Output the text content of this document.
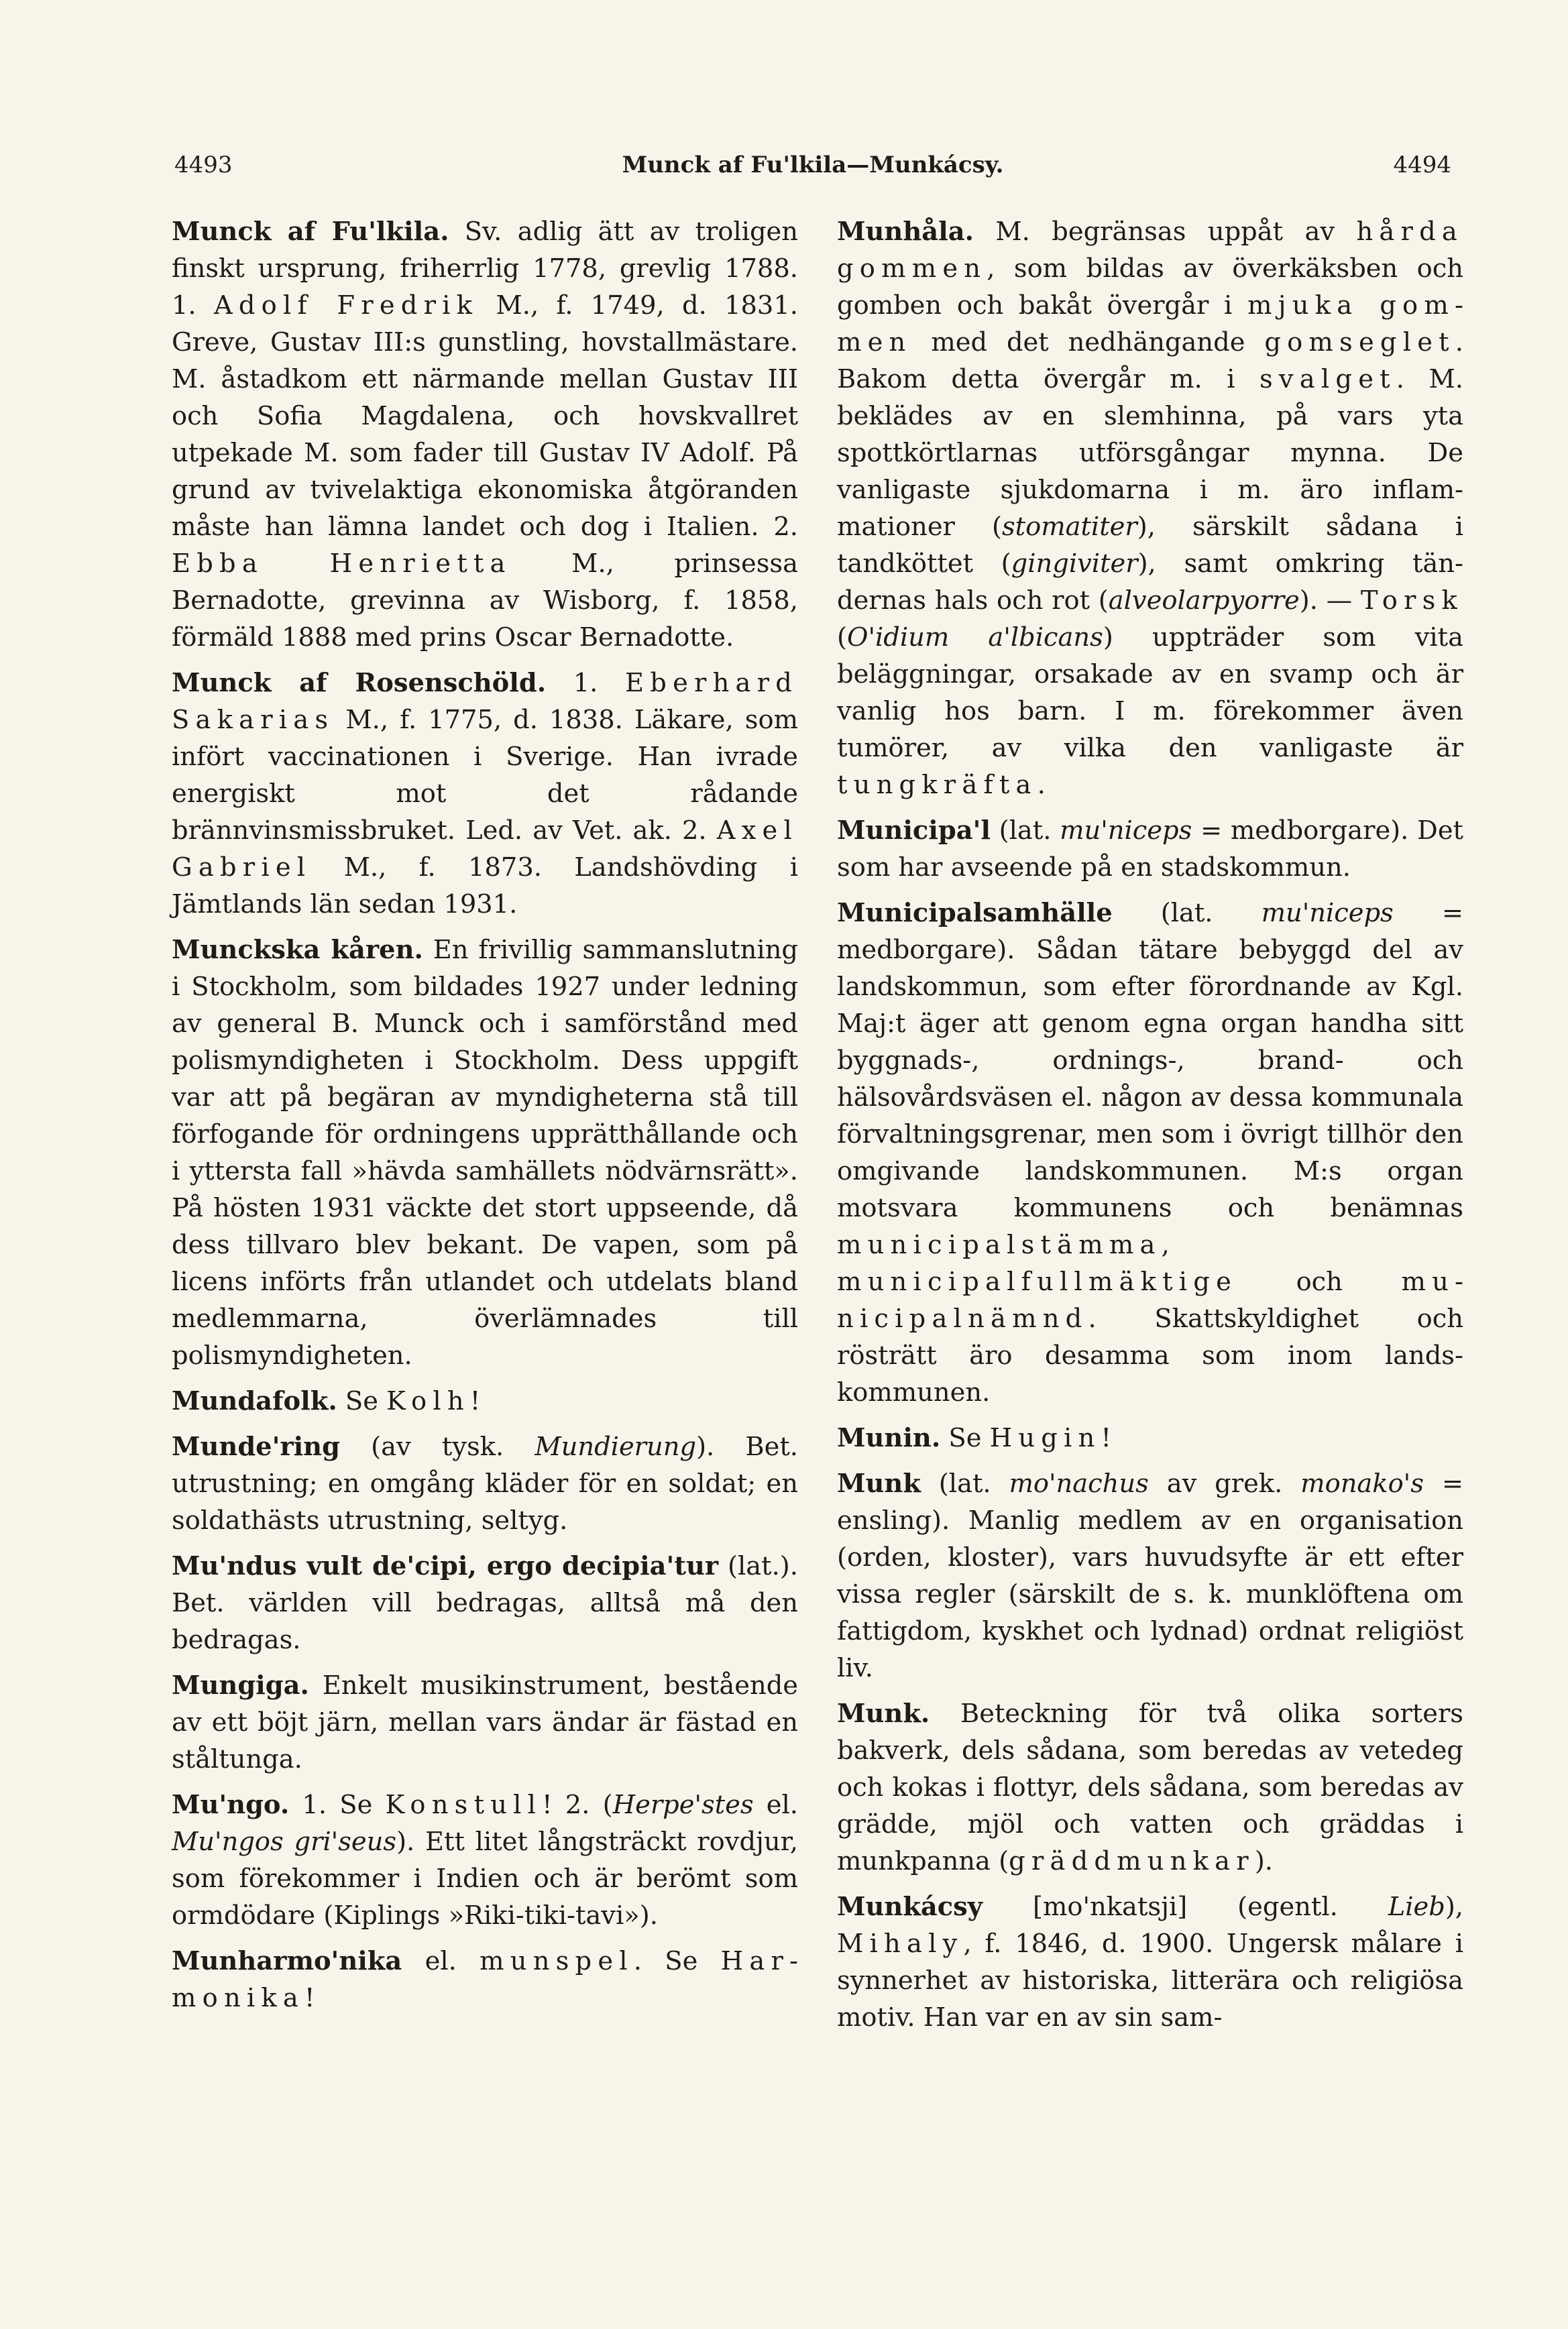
4493	Munck af Fu'lkila—Munkácsy.	4494

Munck af Fu'lkila. Sv. adlig ätt av troligen finskt ursprung, friherrlig 1778, grevlig 1788. 1. Adolf Fredrik M., f. 1749, d. 1831. Greve, Gustav III:s gunstling, hovstallmästare. M. åstadkom ett närmande mellan Gustav III och Sofia Magdalena, och hovskvallret utpekade M. som fader till Gustav IV Adolf. På grund av tvivelaktiga ekonomiska åtgöranden måste han lämna landet och dog i Italien. 2. Ebba Henrietta M., prinsessa Bernadotte, grevinna av Wisborg, f. 1858, förmäld 1888 med prins Oscar Bernadotte.

Munck af Rosenschöld. 1. Eberhard Sakarias M., f. 1775, d. 1838. Läkare, som infört vaccinationen i Sverige. Han ivrade energiskt mot det rådande brännvinsmissbruket. Led. av Vet. ak. 2. Axel Gabriel M., f. 1873. Landshövding i Jämtlands län sedan 1931.

Munckska kåren. En frivillig sammanslutning i Stockholm, som bildades 1927 under ledning av general B. Munck och i samförstånd med polismyndigheten i Stockholm. Dess uppgift var att på begäran av myndigheterna stå till förfogande för ordningens upprätthållande och i yttersta fall »hävda samhällets nödvärnsrätt». På hösten 1931 väckte det stort uppseende, då dess tillvaro blev bekant. De vapen, som på licens införts från utlandet och utdelats bland medlemmarna, överlämnades till polismyndigheten.

Mundafolk. Se Kolh!

Munde'ring (av tysk. Mundierung). Bet. utrustning; en omgång kläder för en soldat; en soldathästs utrustning, seltyg.

Mu'ndus vult de'cipi, ergo decipia'tur (lat.). Bet. världen vill bedragas, alltså må den bedragas.

Mungiga. Enkelt musikinstrument, bestående av ett böjt järn, mellan vars ändar är fästad en ståltunga.

Mu'ngo. 1. Se Konstull! 2. (Herpe'stes el. Mu'ngos gri'seus). Ett litet långsträckt rovdjur, som förekommer i Indien och är berömt som ormdödare (Kiplings »Riki-tiki-tavi»).

Munharmo'nika el. munspel. Se Harmonika!

Munhåla. M. begränsas uppåt av hårda gommen, som bildas av överkäksben och gomben och bakåt övergår i mjuka gommen med det nedhängande gomseglet. Bakom detta övergår m. i svalget. M. beklädes av en slemhinna, på vars yta spottkörtlarnas utförsgångar mynna. De vanligaste sjukdomarna i m. äro inflammationer (stomatiter), särskilt sådana i tandköttet (gingiviter), samt omkring tändernas hals och rot (alveolarpyorre). — Torsk (O'idium a'lbicans) uppträder som vita beläggningar, orsakade av en svamp och är vanlig hos barn. I m. förekommer även tumörer, av vilka den vanligaste är tungkräfta.

Municipa'l (lat. mu'niceps = medborgare). Det som har avseende på en stadskommun.

Municipalsamhälle (lat. mu'niceps = medborgare). Sådan tätare bebyggd del av landskommun, som efter förordnande av Kgl. Maj:t äger att genom egna organ handha sitt byggnads-, ordnings-, brand- och hälsovårdsväsen el. någon av dessa kommunala förvaltningsgrenar, men som i övrigt tillhör den omgivande landskommunen. M:s organ motsvara kommunens och benämnas municipalstämma, municipalfullmäktige och municipalnämnd. Skattskyldighet och rösträtt äro desamma som inom landskommunen.

Munin. Se Hugin!

Munk (lat. mo'nachus av grek. monako's = ensling). Manlig medlem av en organisation (orden, kloster), vars huvudsyfte är ett efter vissa regler (särskilt de s. k. munklöftena om fattigdom, kyskhet och lydnad) ordnat religiöst liv.

Munk. Beteckning för två olika sorters bakverk, dels sådana, som beredas av vetedeg och kokas i flottyr, dels sådana, som beredas av grädde, mjöl och vatten och gräddas i munkpanna (gräddmunkar).

Munkácsy [mo'nkatsji] (egentl. Lieb), Mihaly, f. 1846, d. 1900. Ungersk målare i synnerhet av historiska, litterära och religiösa motiv. Han var en av sin sam-
